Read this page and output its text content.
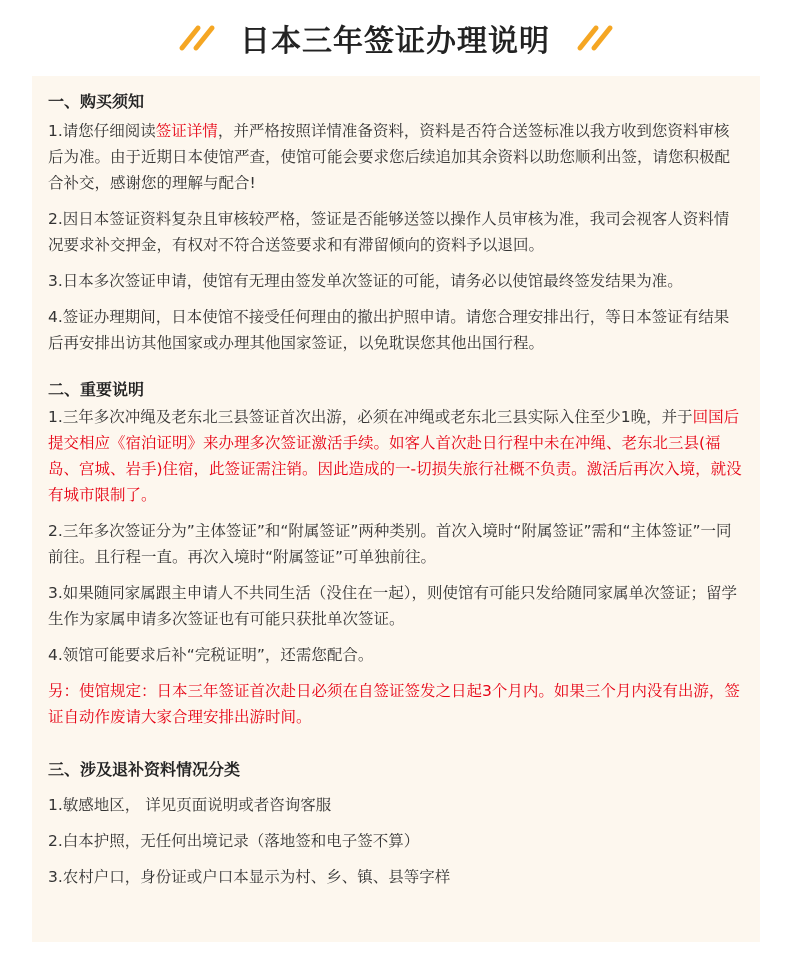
日本三年签证办理说明
一、购买须知
1.请您仔细阅读签证详情，并严格按照详情准备资料，资料是否符合送签标准以我方收到您资料审核后为准。由于近期日本使馆严查，使馆可能会要求您后续追加其余资料以助您顺利出签，请您积极配合补交，感谢您的理解与配合!
2.因日本签证资料复杂且审核较严格，签证是否能够送签以操作人员审核为准，我司会视客人资料情况要求补交押金，有权对不符合送签要求和有滞留倾向的资料予以退回。
3.日本多次签证申请，使馆有无理由签发单次签证的可能，请务必以使馆最终签发结果为准。
4.签证办理期间，日本使馆不接受任何理由的撤出护照申请。请您合理安排出行，等日本签证有结果后再安排出访其他国家或办理其他国家签证，以免耽误您其他出国行程。
二、重要说明
1.三年多次冲绳及老东北三县签证首次出游，必须在冲绳或老东北三县实际入住至少1晚，并于回国后提交相应《宿泊证明》来办理多次签证激活手续。如客人首次赴日行程中未在冲绳、老东北三县(福岛、宫城、岩手)住宿，此签证需注销。因此造成的一-切损失旅行社概不负责。激活后再次入境，就没有城市限制了。
2.三年多次签证分为”主体签证”和“附属签证”两种类别。首次入境时“附属签证”需和“主体签证”一同前往。且行程一直。再次入境时“附属签证”可单独前往。
3.如果随同家属跟主申请人不共同生活（没住在一起），则使馆有可能只发给随同家属单次签证；留学生作为家属申请多次签证也有可能只获批单次签证。
4.领馆可能要求后补“完税证明”，还需您配合。
另：使馆规定：日本三年签证首次赴日必须在自签证签发之日起3个月内。如果三个月内没有出游，签证自动作废请大家合理安排出游时间。
三、涉及退补资料情况分类
1.敏感地区， 详见页面说明或者咨询客服
2.白本护照，无任何出境记录（落地签和电子签不算）
3.农村户口，身份证或户口本显示为村、乡、镇、县等字样
